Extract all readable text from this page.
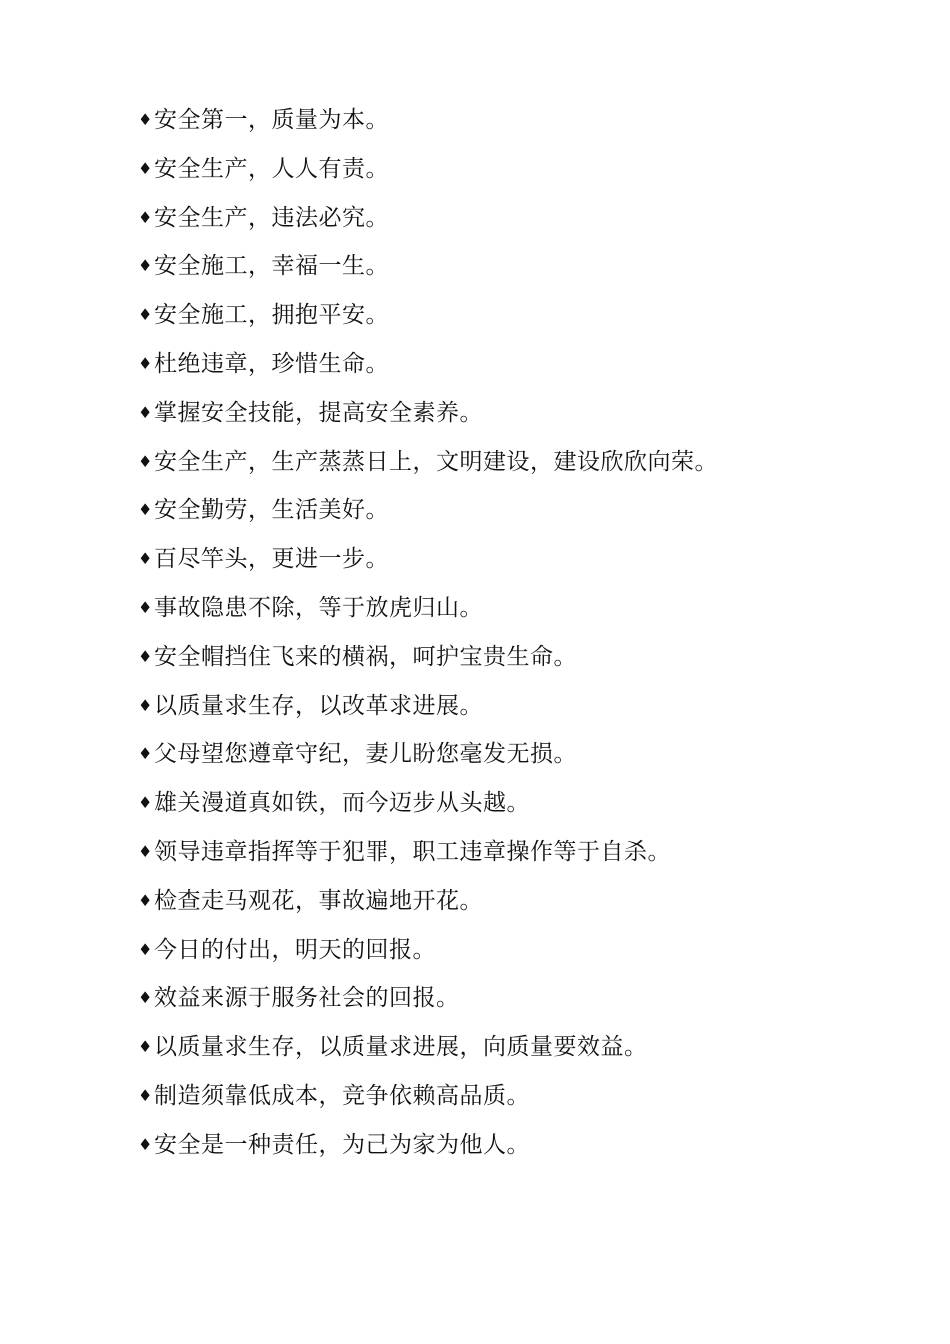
♦ 安全第一，质量为本。
♦ 安全生产，人人有责。
♦ 安全生产，违法必究。
♦ 安全施工，幸福一生。
♦ 安全施工，拥抱平安。
♦ 杜绝违章，珍惜生命。
♦ 掌握安全技能，提高安全素养。
♦ 安全生产，生产蒸蒸日上，文明建设，建设欣欣向荣。
♦ 安全勤劳，生活美好。
♦ 百尽竿头，更进一步。
♦ 事故隐患不除，等于放虎归山。
♦ 安全帽挡住飞来的横祸，呵护宝贵生命。
♦ 以质量求生存，以改革求进展。
♦ 父母望您遵章守纪，妻儿盼您毫发无损。
♦ 雄关漫道真如铁，而今迈步从头越。
♦ 领导违章指挥等于犯罪，职工违章操作等于自杀。
♦ 检查走马观花，事故遍地开花。
♦ 今日的付出，明天的回报。
♦ 效益来源于服务社会的回报。
♦ 以质量求生存，以质量求进展，向质量要效益。
♦ 制造须靠低成本，竞争依赖高品质。
♦ 安全是一种责任，为己为家为他人。
